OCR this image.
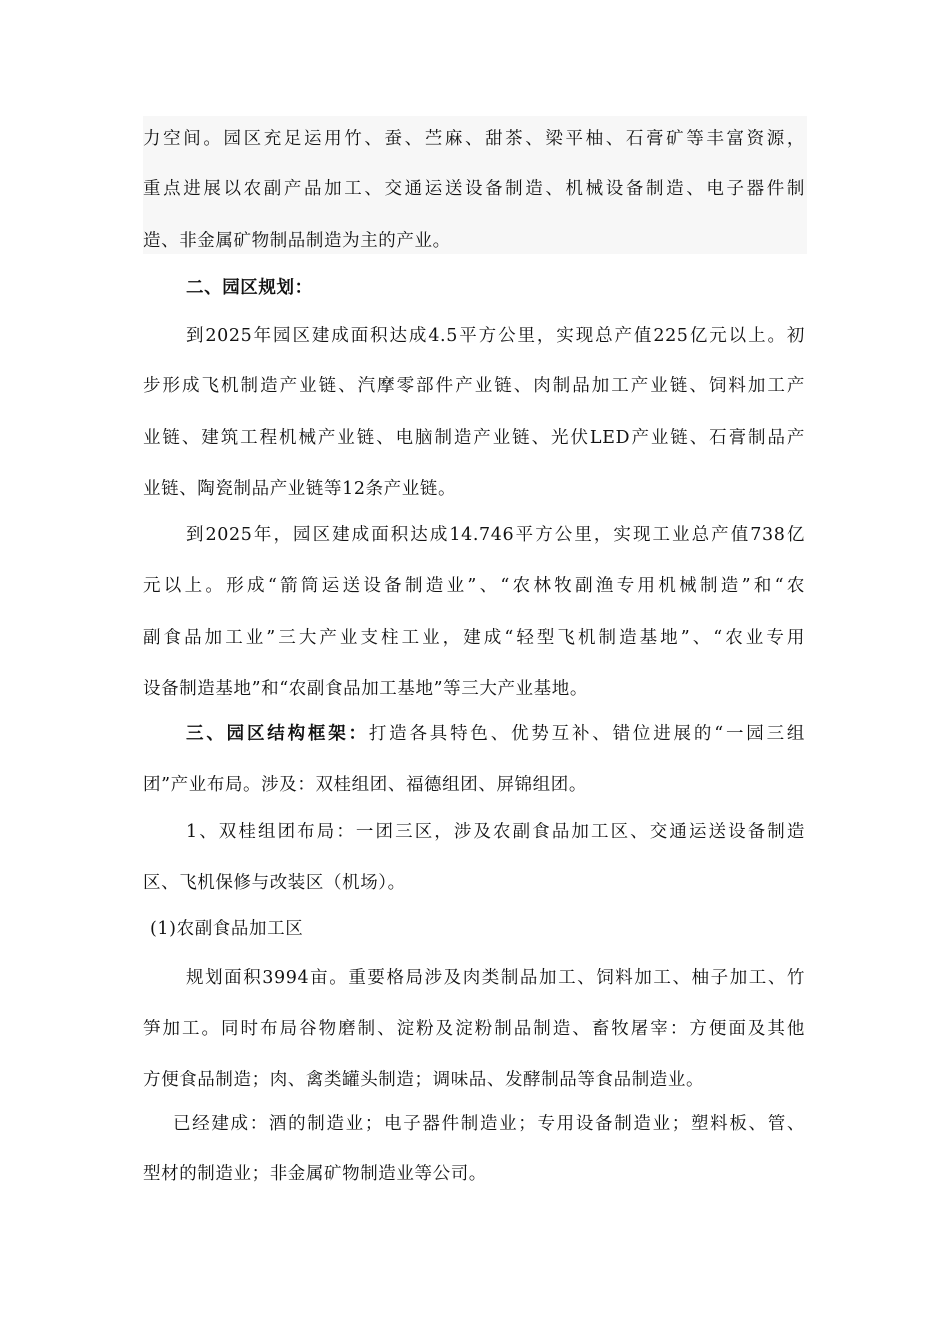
力空间。园区充足运用竹、蚕、苎麻、甜茶、梁平柚、石膏矿等丰富资源，
重点进展以农副产品加工、交通运送设备制造、机械设备制造、电子器件制
造、非金属矿物制品制造为主的产业。
二、园区规划：
到2025年园区建成面积达成4.5平方公里，实现总产值225亿元以上。初
步形成飞机制造产业链、汽摩零部件产业链、肉制品加工产业链、饲料加工产
业链、建筑工程机械产业链、电脑制造产业链、光伏LED产业链、石膏制品产
业链、陶瓷制品产业链等12条产业链。
到2025年，园区建成面积达成14.746平方公里，实现工业总产值738亿
元以上。形成“箭筒运送设备制造业”、“农林牧副渔专用机械制造”和“农
副食品加工业”三大产业支柱工业，建成“轻型飞机制造基地”、“农业专用
设备制造基地”和“农副食品加工基地”等三大产业基地。
三、园区结构框架：打造各具特色、优势互补、错位进展的“一园三组
团”产业布局。涉及：双桂组团、福德组团、屏锦组团。
1、双桂组团布局：一团三区，涉及农副食品加工区、交通运送设备制造
区、飞机保修与改装区（机场）。
(1)农副食品加工区
规划面积3994亩。重要格局涉及肉类制品加工、饲料加工、柚子加工、竹
笋加工。同时布局谷物磨制、淀粉及淀粉制品制造、畜牧屠宰：方便面及其他
方便食品制造；肉、禽类罐头制造；调味品、发酵制品等食品制造业。
已经建成：酒的制造业；电子器件制造业；专用设备制造业；塑料板、管、
型材的制造业；非金属矿物制造业等公司。
